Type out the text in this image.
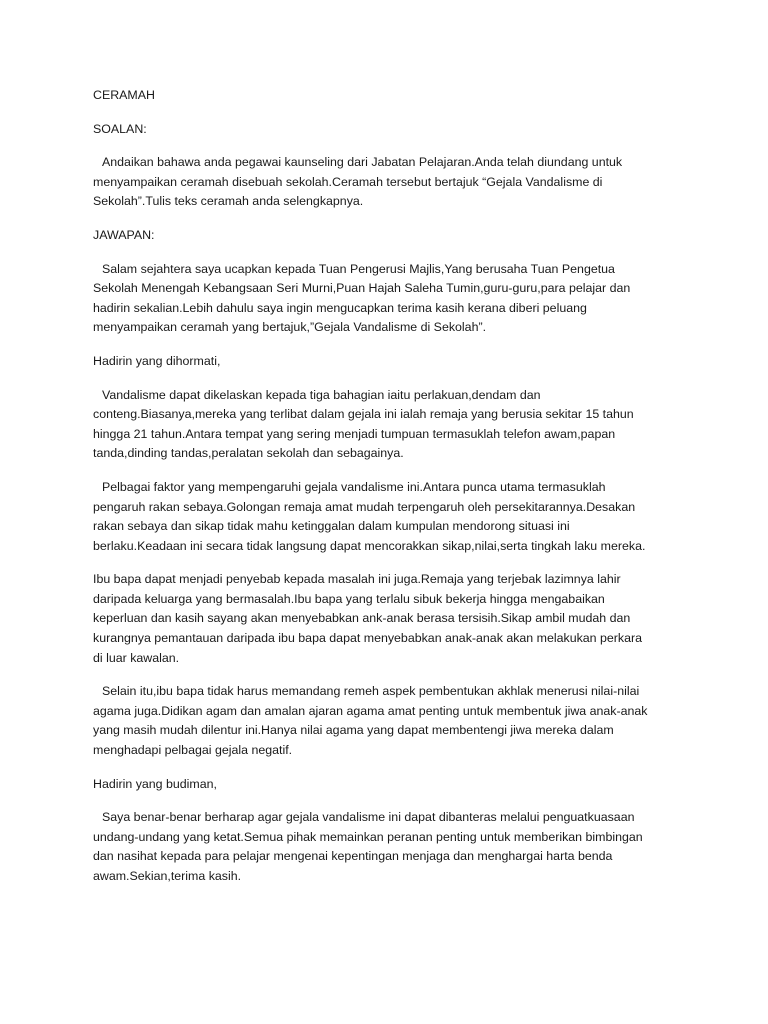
CERAMAH
SOALAN:
Andaikan bahawa anda pegawai kaunseling dari Jabatan Pelajaran.Anda telah diundang untuk
menyampaikan ceramah disebuah sekolah.Ceramah tersebut bertajuk “Gejala Vandalisme di
Sekolah”.Tulis teks ceramah anda selengkapnya.
JAWAPAN:
Salam sejahtera saya ucapkan kepada Tuan Pengerusi Majlis,Yang berusaha Tuan Pengetua
Sekolah Menengah Kebangsaan Seri Murni,Puan Hajah Saleha Tumin,guru-guru,para pelajar dan
hadirin sekalian.Lebih dahulu saya ingin mengucapkan terima kasih kerana diberi peluang
menyampaikan ceramah yang bertajuk,”Gejala Vandalisme di Sekolah”.
Hadirin yang dihormati,
Vandalisme dapat dikelaskan kepada tiga bahagian iaitu perlakuan,dendam dan
conteng.Biasanya,mereka yang terlibat dalam gejala ini ialah remaja yang berusia sekitar 15 tahun
hingga 21 tahun.Antara tempat yang sering menjadi tumpuan termasuklah telefon awam,papan
tanda,dinding tandas,peralatan sekolah dan sebagainya.
Pelbagai faktor yang mempengaruhi gejala vandalisme ini.Antara punca utama termasuklah
pengaruh rakan sebaya.Golongan remaja amat mudah terpengaruh oleh persekitarannya.Desakan
rakan sebaya dan sikap tidak mahu ketinggalan dalam kumpulan mendorong situasi ini
berlaku.Keadaan ini secara tidak langsung dapat mencorakkan sikap,nilai,serta tingkah laku mereka.
Ibu bapa dapat menjadi penyebab kepada masalah ini juga.Remaja yang terjebak lazimnya lahir
daripada keluarga yang bermasalah.Ibu bapa yang terlalu sibuk bekerja hingga mengabaikan
keperluan dan kasih sayang akan menyebabkan ank-anak berasa tersisih.Sikap ambil mudah dan
kurangnya pemantauan daripada ibu bapa dapat menyebabkan anak-anak akan melakukan perkara
di luar kawalan.
Selain itu,ibu bapa tidak harus memandang remeh aspek pembentukan akhlak menerusi nilai-nilai
agama juga.Didikan agam dan amalan ajaran agama amat penting untuk membentuk jiwa anak-anak
yang masih mudah dilentur ini.Hanya nilai agama yang dapat membentengi jiwa mereka dalam
menghadapi pelbagai gejala negatif.
Hadirin yang budiman,
Saya benar-benar berharap agar gejala vandalisme ini dapat dibanteras melalui penguatkuasaan
undang-undang yang ketat.Semua pihak memainkan peranan penting untuk memberikan bimbingan
dan nasihat kepada para pelajar mengenai kepentingan menjaga dan menghargai harta benda
awam.Sekian,terima kasih.
